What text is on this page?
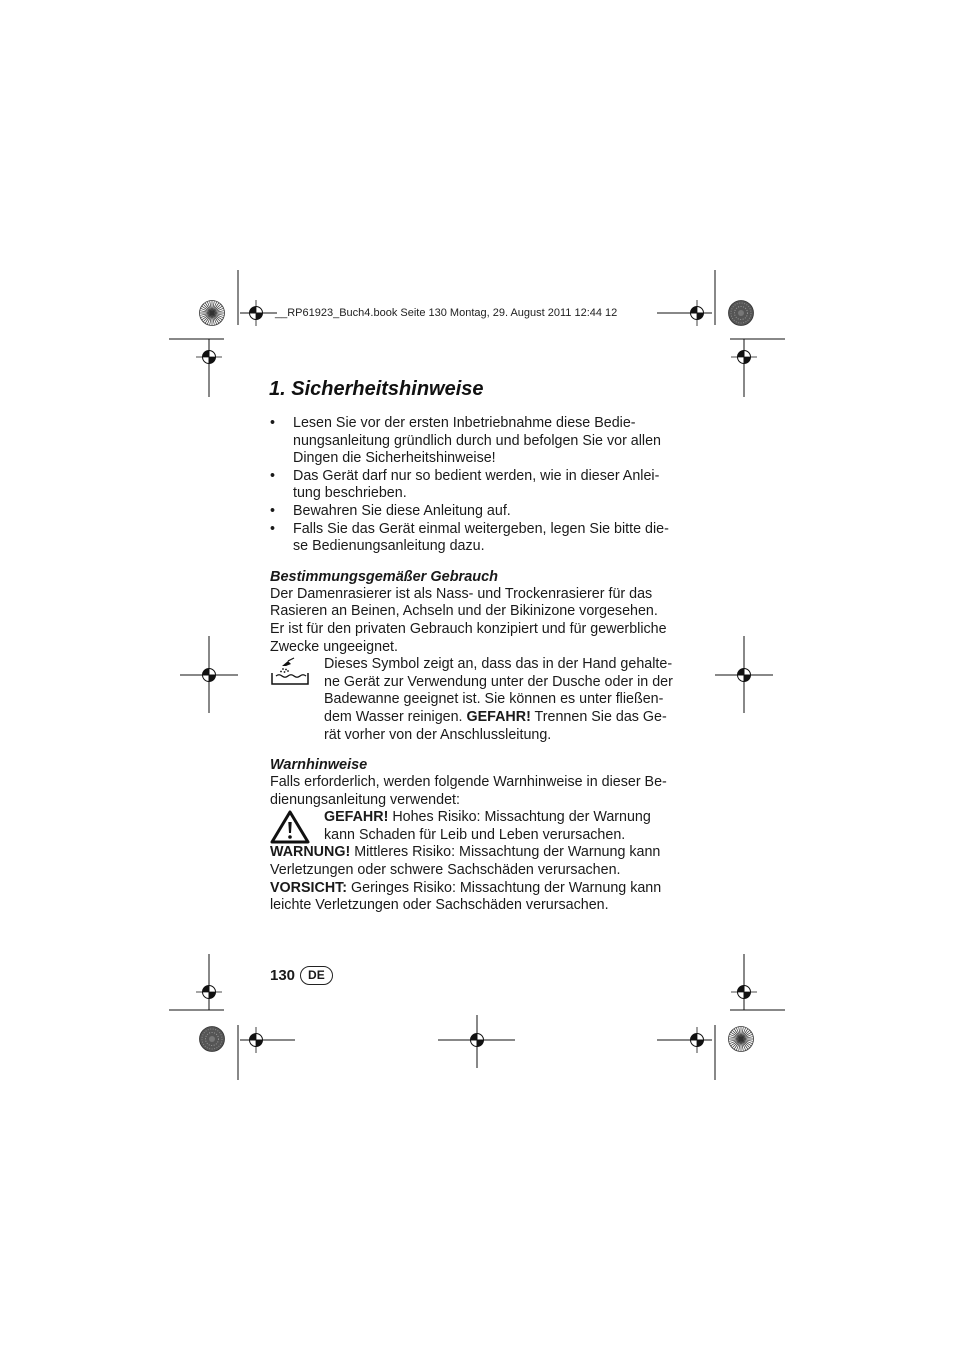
__RP61923_Buch4.book Seite 130 Montag, 29. August 2011 12:44 12
1. Sicherheitshinweise
• Lesen Sie vor der ersten Inbetriebnahme diese Bedie-
nungsanleitung gründlich durch und befolgen Sie vor allen
Dingen die Sicherheitshinweise!
• Das Gerät darf nur so bedient werden, wie in dieser Anlei-
tung beschrieben.
• Bewahren Sie diese Anleitung auf.
• Falls Sie das Gerät einmal weitergeben, legen Sie bitte die-
se Bedienungsanleitung dazu.
Bestimmungsgemäßer Gebrauch
Der Damenrasierer ist als Nass- und Trockenrasierer für das
Rasieren an Beinen, Achseln und der Bikinizone vorgesehen.
Er ist für den privaten Gebrauch konzipiert und für gewerbliche
Zwecke ungeeignet.
Dieses Symbol zeigt an, dass das in der Hand gehalte-
ne Gerät zur Verwendung unter der Dusche oder in der
Badewanne geeignet ist. Sie können es unter fließen-
dem Wasser reinigen. GEFAHR! Trennen Sie das Ge-
rät vorher von der Anschlussleitung.
Warnhinweise
Falls erforderlich, werden folgende Warnhinweise in dieser Be-
dienungsanleitung verwendet:
GEFAHR! Hohes Risiko: Missachtung der Warnung
kann Schaden für Leib und Leben verursachen.
WARNUNG! Mittleres Risiko: Missachtung der Warnung kann
Verletzungen oder schwere Sachschäden verursachen.
VORSICHT: Geringes Risiko: Missachtung der Warnung kann
leichte Verletzungen oder Sachschäden verursachen.
130 DE
